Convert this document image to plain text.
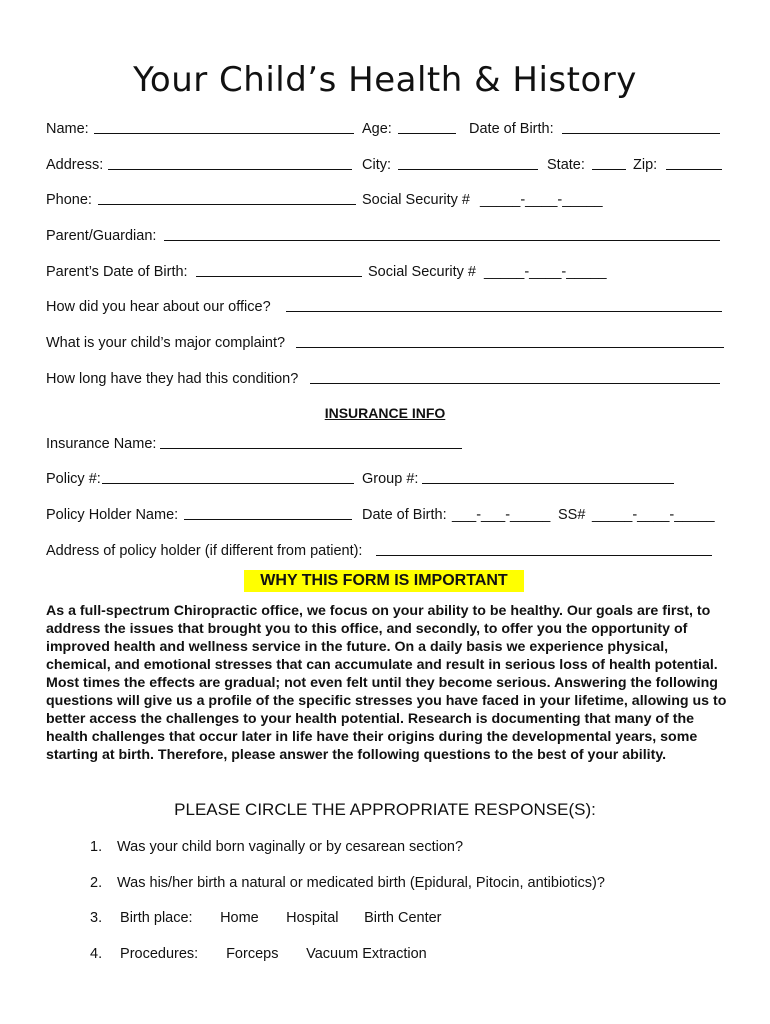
Your Child’s Health & History
Name:	Age:	Date of Birth:
Address:	City:	State:	Zip:
Phone:	Social Security # _____-____-_____
Parent/Guardian:
Parent’s Date of Birth:	Social Security # _____-____-_____
How did you hear about our office?
What is your child’s major complaint?
How long have they had this condition?
INSURANCE INFO
Insurance Name:
Policy #:	Group #:
Policy Holder Name:	Date of Birth: ___-___-_____ SS# _____-____-_____
Address of policy holder (if different from patient):
WHY THIS FORM IS IMPORTANT
As a full-spectrum Chiropractic office, we focus on your ability to be healthy. Our goals are first, to address the issues that brought you to this office, and secondly, to offer you the opportunity of improved health and wellness service in the future. On a daily basis we experience physical, chemical, and emotional stresses that can accumulate and result in serious loss of health potential. Most times the effects are gradual; not even felt until they become serious. Answering the following questions will give us a profile of the specific stresses you have faced in your lifetime, allowing us to better access the challenges to your health potential. Research is documenting that many of the health challenges that occur later in life have their origins during the developmental years, some starting at birth. Therefore, please answer the following questions to the best of your ability.
PLEASE CIRCLE THE APPROPRIATE RESPONSE(S):
1. Was your child born vaginally or by cesarean section?
2. Was his/her birth a natural or medicated birth (Epidural, Pitocin, antibiotics)?
3. Birth place: Home Hospital Birth Center
4. Procedures: Forceps Vacuum Extraction
